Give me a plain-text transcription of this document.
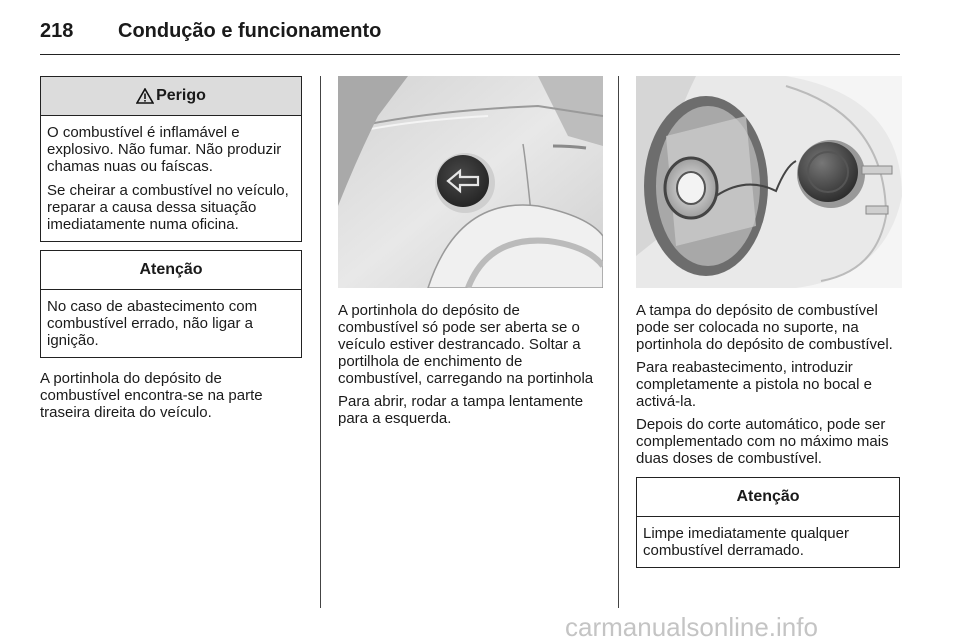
218 Condução e funcionamento
Perigo

O combustível é inflamável e explosivo. Não fumar. Não produzir chamas nuas ou faíscas.

Se cheirar a combustível no veículo, reparar a causa dessa situação imediatamente numa oficina.

Atenção

No caso de abastecimento com combustível errado, não ligar a ignição.

A portinhola do depósito de combustível encontra-se na parte traseira direita do veículo.

A portinhola do depósito de combustível só pode ser aberta se o veículo estiver destrancado. Soltar a portilhola de enchimento de combustível, carregando na portinhola

Para abrir, rodar a tampa lentamente para a esquerda.

A tampa do depósito de combustível pode ser colocada no suporte, na portinhola do depósito de combustível.

Para reabastecimento, introduzir completamente a pistola no bocal e activá-la.

Depois do corte automático, pode ser complementado com no máximo mais duas doses de combustível.

Atenção

Limpe imediatamente qualquer combustível derramado.

carmanualsonline.info
